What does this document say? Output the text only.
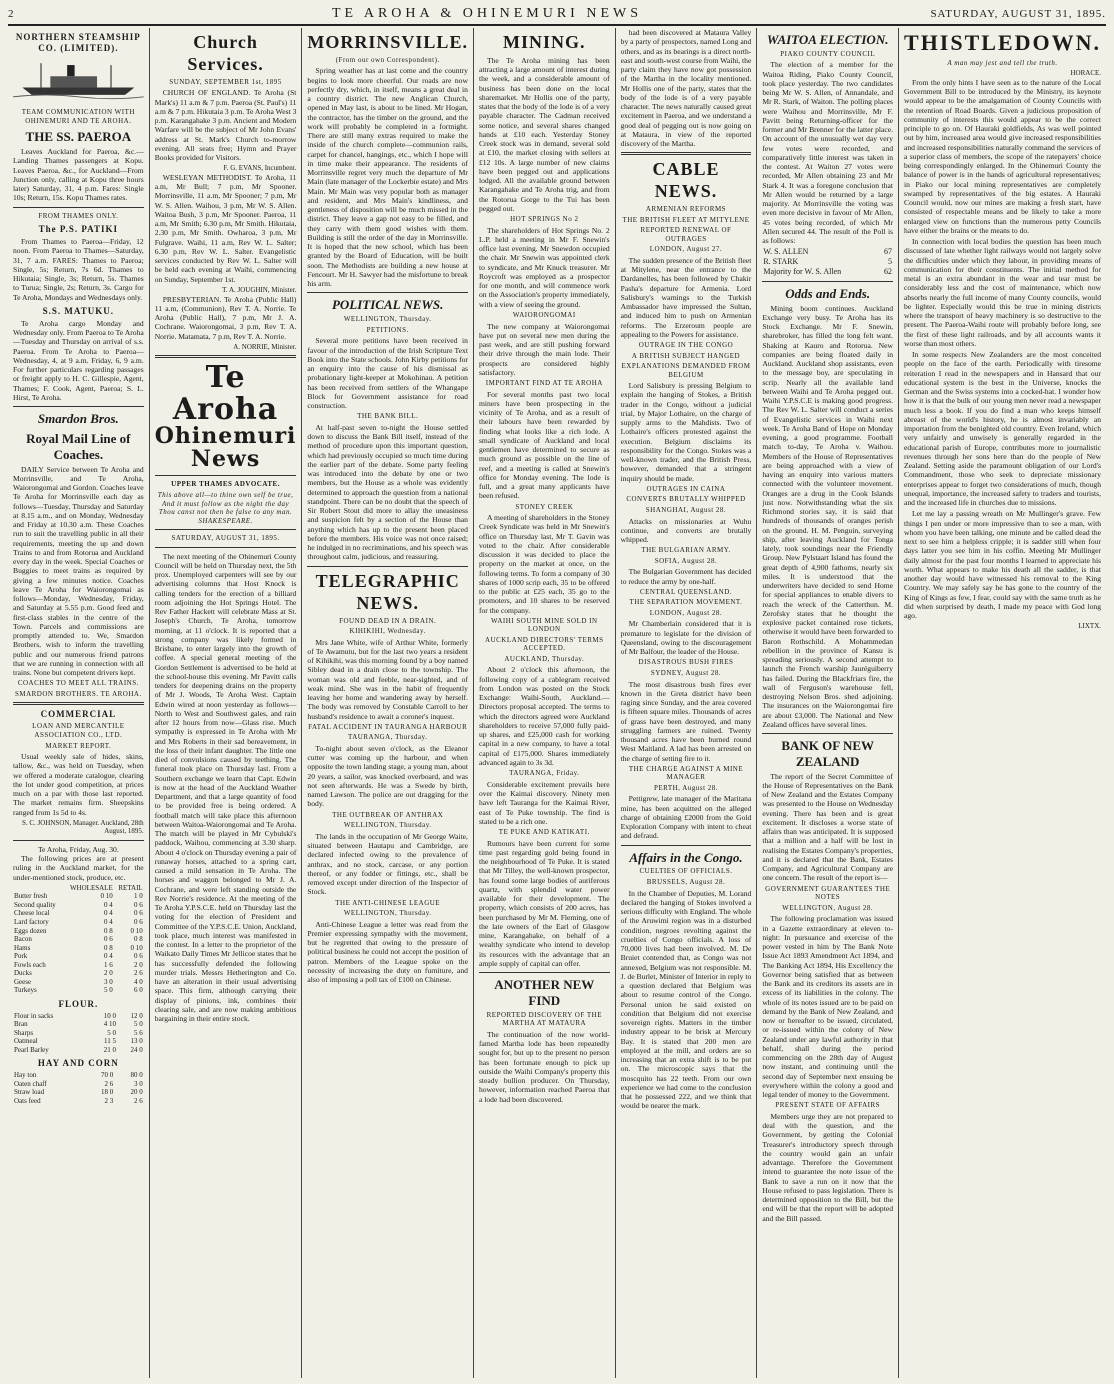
2	TE AROHA & OHINEMURI NEWS	SATURDAY, AUGUST 31, 1895.
NORTHERN STEAMSHIP CO. (LIMITED).
TEAM COMMUNICATION WITH OHINEMURI AND TE AROHA.
THE SS. PAEROA

Leaves Auckland for Paeroa, &c.—Landing Thames passengers at Kopu. Leaves Paeroa, &c., for Auckland—From Junction only, calling at Kopu three hours later) Saturday, 31, 4 p.m. Fares: Single 10s; Return, 15s. Kopu Thames rates.

FROM THAMES ONLY.
The P.S. PATIKI

From Thames to Paeroa—Friday, 12 noon. From Paeroa to Thames—Saturday, 31, 7 a.m. FARES: Thames to Paeroa; Single, 5s; Return, 7s 6d. Thames to Hikutaia; Single, 3s; Return, 5s. Thames to Turua; Single, 2s; Return, 3s. Cargo for Te Aroha, Mondays and Wednesdays only.

S.S. MATUKU.

Te Aroha cargo Monday and Wednesday only. From Paeroa to Te Aroha—Tuesday and Thursday on arrival of s.s. Paeroa. From Te Aroha to Paeroa—Wednesday, 4, at 9 a.m. Friday, 6, 9 a.m. For further particulars regarding passages or freight apply to H. C. Gillespie, Agent, Thames; F. Cook, Agent, Paeroa; S. L. Hirst, Te Aroha.

Smardon Bros.
Royal Mail Line of Coaches.

DAILY Service between Te Aroha and Morrinsville, and Te Aroha, Waiorongomai and Gordon. Coaches leave Te Aroha for Morrinsville each day as follows—Tuesday, Thursday and Saturday at 8.15 a.m., and on Monday, Wednesday and Friday at 10.30 a.m. These Coaches run to suit the travelling public in all their requirements, meeting the up and down Trains to and from Rotorua and Auckland every day in the week. Special Coaches or Buggies to meet trains as required by giving a few minutes notice. Coaches leave Te Aroha for Waiorongomai as follows—Monday, Wednesday, Friday, and Saturday at 5.55 p.m. Good feed and first-class stables in the centre of the Town. Parcels and commissions are promptly attended to. We, Smardon Brothers, wish to inform the travelling public and our numerous friend patrons that we are running in connection with all trains. None but competent drivers kept.

COACHES TO MEET ALL TRAINS.
SMARDON BROTHERS. TE AROHA.
COMMERCIAL
LOAN AND MERCANTILE ASSOCIATION CO., LTD.
MARKET REPORT.

Usual weekly sale of hides, skins, tallow, &c., was held on Tuesday, when we offered a moderate catalogue, clearing the lot under good competition, at prices much on a par with those last reported. The market remains firm. Sheepskins ranged from 1s 5d to 4s.

S. C. JOHNSON, Manager. Auckland, 28th August, 1895.
Te Aroha, Friday, Aug. 30.

The following prices are at present ruling in the Auckland market, for the under-mentioned stock, produce, etc.

	WHOLESALE	RETAIL
Butter fresh	0 10	1 0
Second quality	0 4	0 6
Cheese local	0 4	0 6
Lard factory	0 4	0 6
Eggs dozen	0 8	0 10
Bacon	0 6	0 8
Hams	0 8	0 10
Pork	0 4	0 6
Fowls each	1 6	2 0
Ducks	2 0	2 6
Geese	3 0	4 0
Turkeys	5 0	6 0
FLOUR.
Flour in sacks	10 0	12 0
Bran	4 10	5 0
Sharps	5 0	5 6
Oatmeal	11 5	13 0
Pearl Barley	21 0	24 0
HAY AND CORN
Hay ton	70 0	80 0
Oaten chaff	2 6	3 0
Straw load	18 0	20 0
Oats feed	2 3	2 6
Church Services.
SUNDAY, SEPTEMBER 1st, 1895

CHURCH OF ENGLAND. Te Aroha (St Mark's) 11 a.m & 7 p.m. Paeroa (St. Paul's) 11 a.m & 7 p.m. Hikutaia 3 p.m. Te Aroha West 3 p.m. Karangahake 3 p.m. Ancient and Modern Warfare will be the subject of Mr John Evans' address at St. Mark's Church to-morrow evening. All seats free; Hymn and Prayer Books provided for Visitors.

F. G. EVANS, Incumbent.

WESLEYAN METHODIST. Te Aroha, 11 a.m, Mr Bull; 7 p.m, Mr Spooner. Morrinsville, 11 a.m, Mr Spooner; 7 p.m, Mr W. S. Allen. Waihou, 3 p.m, Mr W. S. Allen. Waitoa Bush, 3 p.m, Mr Spooner. Paeroa, 11 a.m, Mr Smith; 6.30 p.m, Mr Smith. Hikutaia, 2.30 p.m, Mr Smith. Owharoa, 3 p.m, Mr Fulgrave. Waihi, 11 a.m, Rev W. L. Salter; 6.30 p.m, Rev W. L. Salter. Evangelistic services conducted by Rev W. L. Salter will be held each evening at Waihi, commencing on Sunday, September 1st.

T. A. JOUGHIN, Minister.

PRESBYTERIAN. Te Aroha (Public Hall) 11 a.m, (Communion), Rev T. A. Norrie. Te Aroha (Public Hall), 7 p.m, Mr J. A. Cochrane. Waiorongomai, 3 p.m, Rev T. A. Norrie. Matamata, 7 p.m, Rev T. A. Norrie.

A. NORRIE, Minister.
Te Aroha
Ohinemuri News
UPPER THAMES ADVOCATE.
This above all—to thine own self be true, And it must follow as the night the day Thou canst not then be false to any man. SHAKESPEARE.
SATURDAY, AUGUST 31, 1895.

The next meeting of the Ohinemuri County Council will be held on Thursday next, the 5th prox. Unemployed carpenters will see by our advertising columns that Host Knock is calling tenders for the erection of a billiard room adjoining the Hot Springs Hotel. The Rev Father Hackett will celebrate Mass at St. Joseph's Church, Te Aroha, tomorrow morning, at 11 o'clock. It is reported that a strong company was likely formed in Brisbane, to enter largely into the growth of coffee. A special general meeting of the Gordon Settlement is advertised to be held at the school-house this evening. Mr Pavitt calls tenders for deepening drains on the property of Mr J. Woods, Te Aroha West. Captain Edwin wired at noon yesterday as follows—North to West and Southwest gales, and rain after 12 hours from now—Glass rise. Much sympathy is expressed in Te Aroha with Mr and Mrs Roberts in their sad bereavement, in the loss of their infant daughter. The little one died of convulsions caused by teething. The funeral took place on Thursday last. From a Southern exchange we learn that Capt. Edwin is now at the head of the Auckland Weather Department, and that a large quantity of food to be provided free is being ordered. A football match will take place this afternoon between Waitoa-Waiorongomai and Te Aroha. The match will be played in Mr Cybulski's paddock, Waihou, commencing at 3.30 sharp. About 4 o'clock on Thursday evening a pair of runaway horses, attached to a spring cart, caused a mild sensation in Te Aroha. The horses and waggon belonged to Mr J. A. Cochrane, and were left standing outside the Rev Norrie's residence. At the meeting of the Te Aroha Y.P.S.C.E. held on Thursday last the voting for the election of President and Committee of the Y.P.S.C.E. Union, Auckland, took place, much interest was manifested in the contest. In a letter to the proprietor of the Waikato Daily Times Mr Jellicoe states that he has successfully defended the following murder trials. Messrs Hetherington and Co. have an alteration in their usual advertising space. This firm, although carrying their display of pinions, ink, combines their clearing sale, and are now making ambitious bargaining in their entire stock.

MORRINSVILLE.
(From our own Correspondent).

Spring weather has at last come and the country begins to look more cheerful. Our roads are now perfectly dry, which, in itself, means a great deal in a country district. The new Anglican Church, opened in May last, is about to be lined. Mr Hogan, the contractor, has the timber on the ground, and the work will probably be completed in a fortnight. There are still many extras required to make the inside of the church complete—communion rails, carpet for chancel, hangings, etc., which I hope will in time make their appearance. The residents of Morrinsville regret very much the departure of Mr Main (late manager of the Lockerbie estate) and Mrs Main. Mr Main was very popular both as manager and resident, and Mrs Main's kindliness, and gentleness of disposition will be much missed in the district. They leave a gap not easy to be filled, and they carry with them good wishes with them. Building is still the order of the day in Morrinsville. It is hoped that the new school, which has been granted by the Board of Education, will be built soon. The Methodists are building a new house at Fencourt. Mr H. Sawyer had the misfortune to break his arm.

POLITICAL NEWS.
WELLINGTON, Thursday.
PETITIONS.

Several more petitions have been received in favour of the introduction of the Irish Scripture Text Book into the State schools. John Kirby petitions for an enquiry into the cause of his dismissal as probationary light-keeper at Mokohinau. A petition has been received from settlers of the Whangape Block for Government assistance for road construction.

THE BANK BILL.

At half-past seven to-night the House settled down to discuss the Bank Bill itself, instead of the method of procedure upon this important question, which had previously occupied so much time during the earlier part of the debate. Some party feeling was introduced into the debate by one or two members, but the House as a whole was evidently determined to approach the question from a national standpoint. There can be no doubt that the speech of Sir Robert Stout did more to allay the uneasiness and suspicion felt by a section of the House than anything which has up to the present been placed before the members. His voice was not once raised; he indulged in no recriminations, and his speech was throughout calm, judicious, and reassuring.

TELEGRAPHIC NEWS.
FOUND DEAD IN A DRAIN.
KIHIKIHI, Wednesday.

Mrs Jane White, wife of Arthur White, formerly of Te Awamutu, but for the last two years a resident of Kihikihi, was this morning found by a boy named Sibley dead in a drain close to the township. The woman was old and feeble, near-sighted, and of weak mind. She was in the habit of frequently leaving her home and wandering away by herself. The body was removed by Constable Carroll to her husband's residence to await a coroner's inquest.

FATAL ACCIDENT IN TAURANGA HARBOUR
TAURANGA, Thursday.

To-night about seven o'clock, as the Eleanor cutter was coming up the harbour, and when opposite the town landing stage, a young man, about 20 years, a sailor, was knocked overboard, and was not seen afterwards. He was a Swede by birth, named Lawson. The police are out dragging for the body.

THE OUTBREAK OF ANTHRAX
WELLINGTON, Thursday.

The lands in the occupation of Mr George Waite, situated between Hautapu and Cambridge, are declared infected owing to the prevalence of anthrax, and no stock, carcase, or any portion thereof, or any fodder or fittings, etc., shall be removed except under direction of the Inspector of Stock.

THE ANTI-CHINESE LEAGUE
WELLINGTON, Thursday.

Anti-Chinese League a letter was read from the Premier expressing sympathy with the movement, but he regretted that owing to the pressure of political business he could not accept the position of patron. Members of the League spoke on the necessity of increasing the duty on furniture, and also of imposing a poll tax of £100 on Chinese.

MINING.

The Te Aroha mining has been attracting a large amount of interest during the week, and a considerable amount of business has been done on the local sharemarket. Mr Hollis one of the party, states that the body of the lode is of a very payable character. The Cadman received some notice, and several shares changed hands at £10 each. Yesterday Stoney Creek stock was in demand, several sold at £10, the market closing with sellers at £12 10s. A large number of new claims have been pegged out and applications lodged. All the available ground between Karangahake and Te Aroha trig, and from the Rotorua Gorge to the Tui has been pegged out.

HOT SPRINGS No 2

The shareholders of Hot Springs No. 2 L.P. held a meeting in Mr F. Snewin's office last evening. Mr Snewdon occupied the chair. Mr Snewin was appointed clerk to syndicate, and Mr Knuck treasurer. Mr Roycroft was employed as a prospector for one month, and will commence work on the Association's property immediately, with a view of seeing the ground.

WAIORONGOMAI

The new company at Waiorongomai have put on several new men during the past week, and are still pushing forward their drive through the main lode. Their prospects are considered highly satisfactory.

IMPORTANT FIND AT TE AROHA

For several months past two local miners have been prospecting in the vicinity of Te Aroha, and as a result of their labours have been rewarded by finding what looks like a rich lode. A small syndicate of Auckland and local gentlemen have determined to secure as much ground as possible on the line of reef, and a meeting is called at Snewin's office for Monday evening. The lode is full, and a great many applicants have been refused.

STONEY CREEK

A meeting of shareholders in the Stoney Creek Syndicate was held in Mr Snewin's office on Thursday last, Mr T. Gavin was voted to the chair. After considerable discussion it was decided to place the property on the market at once, on the following terms. To form a company of 30 shares of 1000 scrip each, 35 to be offered to the public at £25 each, 35 go to the promoters, and 10 shares to be reserved for the company.

WAIHI SOUTH MINE SOLD IN LONDON
AUCKLAND DIRECTORS' TERMS ACCEPTED.
AUCKLAND, Thursday.

About 2 o'clock this afternoon, the following copy of a cablegram received from London was posted on the Stock Exchange: Waihi-South, Auckland.—Directors proposal accepted. The terms to which the directors agreed were Auckland shareholders to receive 57,000 fully paid-up shares, and £25,000 cash for working capital in a new company, to have a total capital of £175,000. Shares immediately advanced again to 3s 3d.

TAURANGA, Friday.

Considerable excitement prevails here over the Kaimai discovery. Ninety men have left Tauranga for the Kaimai River, east of Te Puke township. The find is stated to be a rich one.

TE PUKE AND KATIKATI.

Rumours have been current for some time past regarding gold being found in the neighbourhood of Te Puke. It is stated that Mr Tilley, the well-known prospector, has found some large bodies of auriferous quartz, with splendid water power available for their development. The property, which consists of 200 acres, has been purchased by Mr M. Fleming, one of the late owners of the Earl of Glasgow mine, Karangahake, on behalf of a wealthy syndicate who intend to develop its resources with the advantage that an ample supply of capital can offer.

ANOTHER NEW FIND
REPORTED DISCOVERY OF THE MARTHA AT MATAURA

The continuation of the now world-famed Martha lode has been repeatedly sought for, but up to the present no person has been fortunate enough to pick up outside the Waihi Company's property this steady bullion producer. On Thursday, however, information reached Paeroa that a lode had been discovered.

had been discovered at Mataura Valley by a party of prospectors, named Long and others, and as its bearings is a direct north-east and south-west course from Waihi, the party claim they have now got possession of the Martha in the locality mentioned. Mr Hollis one of the party, states that the body of the lode is of a very payable character. The news naturally caused great excitement in Paeroa, and we understand a good deal of pegging out is now going on at Mataura, in view of the reported discovery of the Martha.

CABLE NEWS.
ARMENIAN REFORMS
THE BRITISH FLEET AT MITYLENE
REPORTED RENEWAL OF OUTRAGES
LONDON, August 27.

The sudden presence of the British fleet at Mitylene, near the entrance to the Dardanelles, has been followed by Chakir Pasha's departure for Armenia. Lord Salisbury's warnings to the Turkish Ambassador have impressed the Sultan, and induced him to push on Armenian reforms. The Erzeroum people are appealing to the Powers for assistance.

OUTRAGE IN THE CONGO
A BRITISH SUBJECT HANGED
EXPLANATIONS DEMANDED FROM BELGIUM

Lord Salisbury is pressing Belgium to explain the hanging of Stokes, a British trader in the Congo, without a judicial trial, by Major Lothaire, on the charge of supply arms to the Mahdists. Two of Lothaire's officers protested against the execution. Belgium disclaims its responsibility for the Congo. Stokes was a well-known trader, and the British Press, however, demanded that a stringent inquiry should be made.

OUTRAGES IN CAINA
CONVERTS BRUTALLY WHIPPED
SHANGHAI, August 28.

Attacks on missionaries at Wuhu continue, and converts are brutally whipped.

THE BULGARIAN ARMY.
SOFIA, August 28.

The Bulgarian Government has decided to reduce the army by one-half.

CENTRAL QUEENSLAND.
THE SEPARATION MOVEMENT.
LONDON, August 28.

Mr Chamberlain considered that it is premature to legislate for the division of Queensland, owing to the discouragement of Mr Balfour, the leader of the House.

DISASTROUS BUSH FIRES
SYDNEY, August 28.

The most disastrous bush fires ever known in the Greta district have been raging since Sunday, and the area covered is fifteen square miles. Thousands of acres of grass have been destroyed, and many struggling farmers are ruined. Twenty thousand acres have been burned round West Maitland. A lad has been arrested on the charge of setting fire to it.

THE CHARGE AGAINST A MINE MANAGER
PERTH, August 28.

Pettigrew, late manager of the Maritana mine, has been acquitted on the alleged charge of obtaining £2000 from the Gold Exploration Company with intent to cheat and defraud.

Affairs in the Congo.
CUELTIES OF OFFICIALS.
BRUSSELS, August 28.

In the Chamber of Deputies, M. Lorand declared the hanging of Stokes involved a serious difficulty with England. The whole of the Aruwimi region was in a disturbed condition, negroes revolting against the cruelties of Congo officials. A loss of 70,000 lives had been involved. M. De Bruiet contended that, as Congo was not annexed, Belgium was not responsible. M. J. de Burlet, Minister of Interior in reply to a question declared that Belgium was about to resume control of the Congo. Personal union he said existed on condition that Belgium did not exercise sovereign rights. Matters in the timber industry appear to be brisk at Mercury Bay. It is stated that 200 men are employed at the mill, and orders are so increasing that an extra shift is to be put on. The microscopic says that the moscquito has 22 teeth. From our own experience we had come to the conclusion that he possessed 222, and we think that would be nearer the mark.

WAITOA ELECTION.
PIAKO COUNTY COUNCIL

The election of a member for the Waitoa Riding, Piako County Council, took place yesterday. The two candidates being Mr W. S. Allen, of Annandale, and Mr R. Stark, of Waiton. The polling places were Waihou and Morrinsville, Mr F. Pavitt being Returning-officer for the former and Mr Brenner for the latter place. On account of the unusually wet day very few votes were recorded, and comparatively little interest was taken in the contest. At Waiton 27 votes were recorded, Mr Allen obtaining 23 and Mr Stark 4. It was a foregone conclusion that Mr Allen would be returned by a large majority. At Morrinsville the voting was even more decisive in favour of Mr Allen, 45 votes being recorded, of which Mr Allen secured 44. The result of the Poll is as follows:

W. S. ALLEN	67
R. STARK	5
Majority for W. S. Allen	62
Odds and Ends.

Mining boom continues. Auckland Exchange very busy. Te Aroha has its Stock Exchange. Mr F. Snewin, sharebroker, has filled the long felt want. Shaking at Kauro and Rotorua. New companies are being floated daily in Auckland. Auckland shop assistants, even to the message boy, are speculating in scrip. Nearly all the available land between Waihi and Te Aroha pegged out. Waihi Y.P.S.C.E is making good progress. The Rev W. L. Salter will conduct a series of Evangelistic services in Waihi next week. Te Aroha Band of Hope on Monday evening, a good programme. Football match to-day, Te Aroha v. Waihou. Members of the House of Representatives are being approached with a view of having an enquiry into various matters connected with the volunteer movement. Oranges are a drug in the Cook Islands just now. Notwithstanding what the six Richmond stories say, it is said that hundreds of thousands of oranges perish on the ground. H. M. Penguin, surveying ship, after leaving Auckland for Tonga lately, took soundings near the Friendly Group. New Pylstaart Island has found the great depth of 4,900 fathoms, nearly six miles. It is understood that the underwriters have decided to send Home for special appliances to enable divers to reach the wreck of the Catterthun. M. Zerofsky states that he thought the explosive packet contained rose tickets, otherwise it would have been forwarded to Baron Rothschild. A Mohammedan rebellion in the province of Kansu is spreading seriously. A second attempt to launch the French warship Jauréguiberry has failed. During the Blackfriars fire, the wall of Ferguson's warehouse fell, destroying Nelson Bros. shed adjoining. The insurances on the Waiorongomai fire are about £3,000. The National and New Zealand offices have several lines.

BANK OF NEW ZEALAND

The report of the Secret Committee of the House of Representatives on the Bank of New Zealand and the Estates Company was presented to the House on Wednesday evening. There has been and is great excitement. It discloses a worse state of affairs than was anticipated. It is supposed that a million and a half will be lost in realising the Estates Company's properties, and it is declared that the Bank, Estates Company, and Agricultural Company are one concern. The result of the report is—

GOVERNMENT GUARANTEES THE NOTES
WELLINGTON, August 28.

The following proclamation was issued in a Gazette extraordinary at eleven to-night: In pursuance and exercise of the power vested in him by The Bank Note Issue Act 1893 Amendment Act 1894, and The Banking Act 1894, His Excellency the Governor being satisfied that as between the Bank and its creditors its assets are in excess of its liabilities in the colony. The whole of its notes issued are to be paid on demand by the Bank of New Zealand, and now or hereafter to be issued, circulated, or re-issued within the colony of New Zealand under any lawful authority in that behalf, shall during the period commencing on the 28th day of August now instant, and continuing until the second day of September next ensuing be everywhere within the colony a good and legal tender of money to the Government.

PRESENT STATE OF AFFAIRS

Members urge they are not prepared to deal with the question, and the Government, by getting the Colonial Treasurer's introductory speech through the country would gain an unfair advantage. Therefore the Government intend to guarantee the note issue of the Bank to save a run on it now that the House refused to pass legislation. There is determined opposition to the Bill, but the end will be that the report will be adopted and the Bill passed.

THISTLEDOWN.
A man may jest and tell the truth.
HORACE.

From the only hints I have seen as to the nature of the Local Government Bill to be introduced by the Ministry, its keynote would appear to be the amalgamation of County Councils with the retention of Road Boards. Given a judicious proposition of community of interests this would appear to be the correct principle to go on. Of Hauraki goldfields, As was well pointed out by him, increased area would give increased responsibilities and increased responsibilities naturally command the services of a superior class of members, the scope of the ratepayers' choice being correspondingly enlarged. In the Ohinemuri County the balance of power is in the hands of agricultural representatives; in Piako our local mining representatives are completely swamped by representatives of the big estates. A Hauraki Council would, now our mines are making a fresh start, have consisted of respectable means and be likely to take a more enlarged view on functions than the numerous petty Councils have either the brains or the means to do.

In connection with local bodies the question has been much discussed of late whether light railways would not largely solve the difficulties under which they labour, in providing means of communication for their constituents. The initial method for metal is an extra abundant in the wear and tear must be considerably less and the cost of maintenance, which now absorbs nearly the full income of many County councils, would be lighter. Especially would this be true in mining districts where the transport of heavy machinery is so destructive to the present. The Paeroa-Waihi route will probably before long, see the first of these light railroads, and by all accounts wants it worse than most others.

In some respects New Zealanders are the most conceited people on the face of the earth. Periodically with tiresome reiteration I read in the newspapers and in Hansard that our educational system is the best in the Universe, knocks the German and the Swiss systems into a cocked-hat. I wonder how how it is that the bulk of our young men never read a newspaper much less a book. If you do find a man who keeps himself abreast of the world's history, he is almost invariably an importation from the benighted old country. Even Ireland, which very unfairly and unwisely is generally regarded in the educational parish of Europe, contributes more to journalistic revenues through her sons here than do the people of New Zealand. Setting aside the paramount obligation of our Lord's Commandment, those who seek to depreciate missionary enterprises appear to forget two considerations of much, though unequal, importance, the increased safety to traders and tourists, and the increased life in churches due to missions.

Let me lay a passing wreath on Mr Mullinger's grave. Few things I pen under or more impressive than to see a man, with whom you have been talking, one minute and be called dead the next to see him a helpless cripple; it is sadder still when four days latter you see him in his coffin. Meeting Mr Mullinger daily almost for the past four months I learned to appreciate his worth. What appears to make his death all the sadder, is that another day would have witnessed his removal to the King Country. We may safely say he has gone to the country of the King of Kings as few, I fear, could say with the same truth as he did when surprised by death, I made my peace with God long ago.

LIXTX.
